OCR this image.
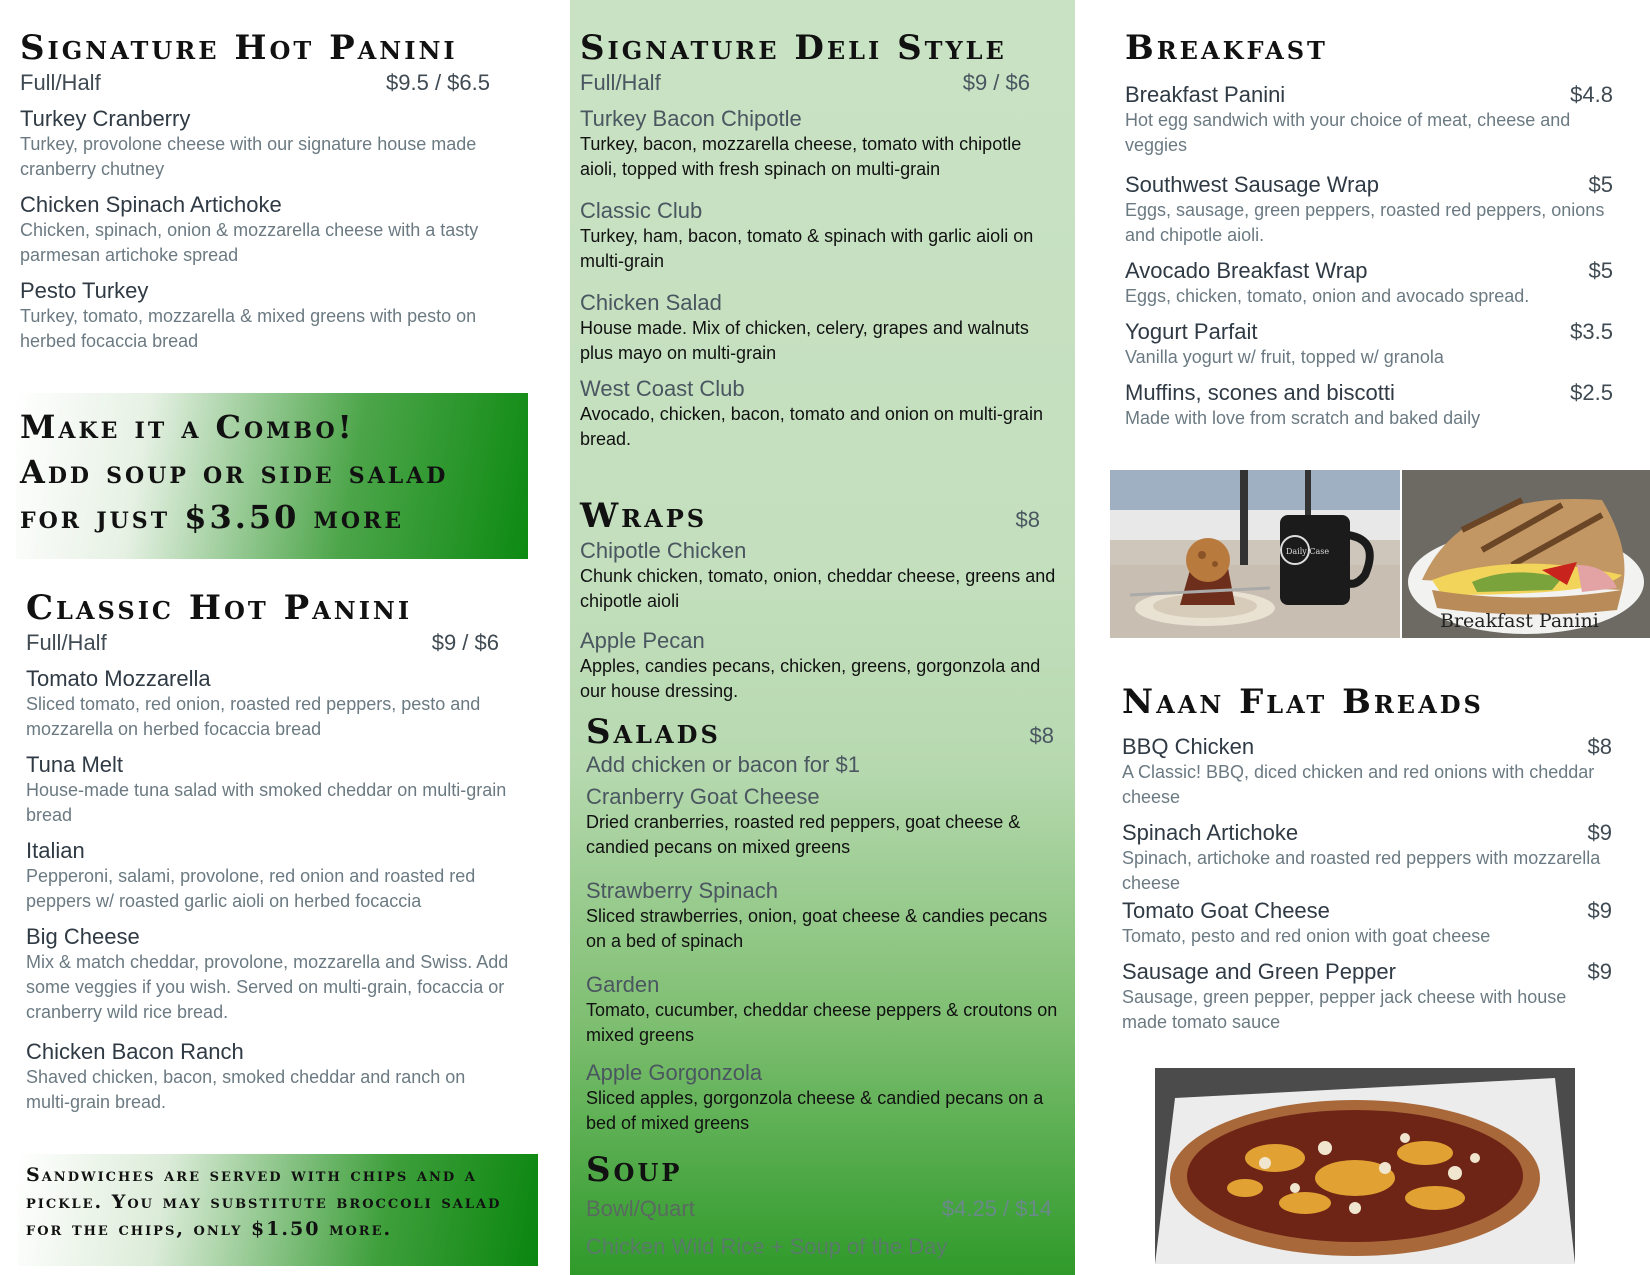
Signature Hot Panini
Full/Half	$9.5 / $6.5
Turkey Cranberry
Turkey, provolone cheese with our signature house made cranberry chutney
Chicken Spinach Artichoke
Chicken, spinach, onion & mozzarella cheese with a tasty parmesan artichoke spread
Pesto Turkey
Turkey, tomato, mozzarella & mixed greens with pesto on herbed focaccia bread
Make it a Combo!
Add soup or side salad
for just $3.50 more
Classic Hot Panini
Full/Half	$9 / $6
Tomato Mozzarella
Sliced tomato, red onion, roasted red peppers, pesto and mozzarella on herbed focaccia bread
Tuna Melt
House-made tuna salad with smoked cheddar on multi-grain bread
Italian
Pepperoni, salami, provolone, red onion and roasted red peppers w/ roasted garlic aioli on herbed focaccia
Big Cheese
Mix & match cheddar, provolone, mozzarella and Swiss. Add some veggies if you wish. Served on multi-grain, focaccia or cranberry wild rice bread.
Chicken Bacon Ranch
Shaved chicken, bacon, smoked cheddar and ranch on multi-grain bread.
Sandwiches are served with chips and a pickle. You may substitute broccoli salad for the chips, only $1.50 more.
Signature Deli Style
Full/Half	$9 / $6
Turkey Bacon Chipotle
Turkey, bacon, mozzarella cheese, tomato with chipotle aioli, topped with fresh spinach on multi-grain
Classic Club
Turkey, ham, bacon, tomato & spinach with garlic aioli on multi-grain
Chicken Salad
House made. Mix of chicken, celery, grapes and walnuts plus mayo on multi-grain
West Coast Club
Avocado, chicken, bacon, tomato and onion on multi-grain bread.
Wraps	$8
Chipotle Chicken
Chunk chicken, tomato, onion, cheddar cheese, greens and chipotle aioli
Apple Pecan
Apples, candies pecans, chicken, greens, gorgonzola and our house dressing.
Salads	$8
Add chicken or bacon for $1
Cranberry Goat Cheese
Dried cranberries, roasted red peppers, goat cheese & candied pecans on mixed greens
Strawberry Spinach
Sliced strawberries, onion, goat cheese & candies pecans on a bed of spinach
Garden
Tomato, cucumber, cheddar cheese peppers & croutons on mixed greens
Apple Gorgonzola
Sliced apples, gorgonzola cheese & candied pecans on a bed of mixed greens
Soup
Bowl/Quart	$4.25 / $14
Chicken Wild Rice + Soup of the Day
Breakfast
Breakfast Panini	$4.8
Hot egg sandwich with your choice of meat, cheese and veggies
Southwest Sausage Wrap	$5
Eggs, sausage, green peppers, roasted red peppers, onions and chipotle aioli.
Avocado Breakfast Wrap	$5
Eggs, chicken, tomato, onion and avocado spread.
Yogurt Parfait	$3.5
Vanilla yogurt w/ fruit, topped w/ granola
Muffins, scones and biscotti	$2.5
Made with love from scratch and baked daily
Daily Case
Breakfast Panini
Naan Flat Breads
BBQ Chicken	$8
A Classic! BBQ, diced chicken and red onions with cheddar cheese
Spinach Artichoke	$9
Spinach, artichoke and roasted red peppers with mozzarella cheese
Tomato Goat Cheese	$9
Tomato, pesto and red onion with goat cheese
Sausage and Green Pepper	$9
Sausage, green pepper, pepper jack cheese with house made tomato sauce
